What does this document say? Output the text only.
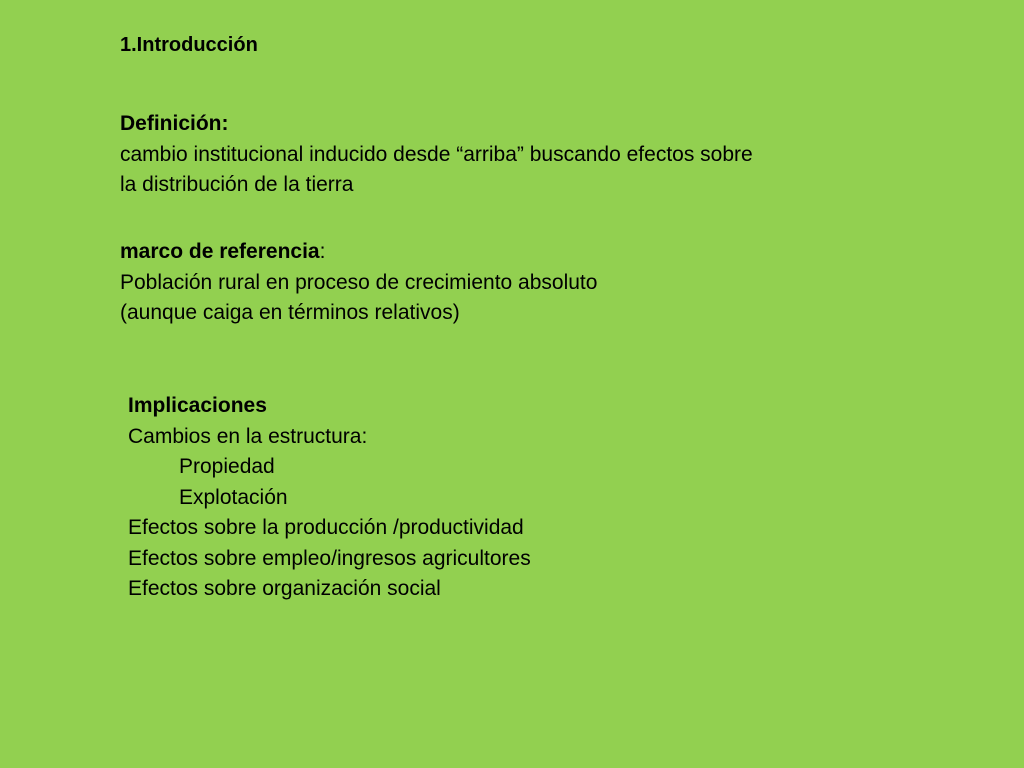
1.Introducción
Definición:
cambio institucional inducido desde “arriba” buscando efectos sobre
la distribución de la tierra
marco de referencia:
Población rural en proceso de crecimiento absoluto
(aunque caiga en términos relativos)
Implicaciones
Cambios en la estructura:
Propiedad
Explotación
Efectos sobre la producción /productividad
Efectos sobre empleo/ingresos agricultores
Efectos sobre organización social
